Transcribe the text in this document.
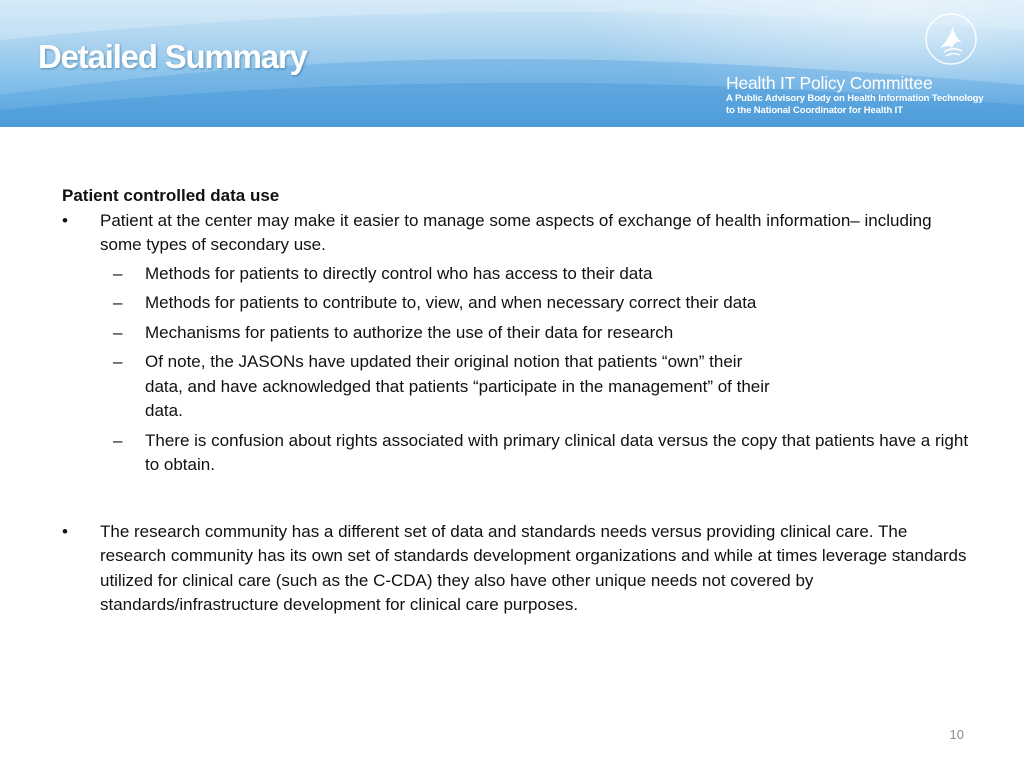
Detailed Summary
Health IT Policy Committee
A Public Advisory Body on Health Information Technology
to the National Coordinator for Health IT
Patient controlled data use
•	Patient at the center may make it easier to manage some aspects of exchange of health information– including some types of secondary use.
– Methods for patients to directly control who has access to their data
– Methods for patients to contribute to, view, and when necessary correct their data
– Mechanisms for patients to authorize the use of their data for research
– Of note, the JASONs have updated their original notion that patients “own” their data, and have acknowledged that patients “participate in the management” of their data.
– There is confusion about rights associated with primary clinical data versus the copy that patients have a right to obtain.
•	The research community has a different set of data and standards needs versus providing clinical care. The research community has its own set of standards development organizations and while at times leverage standards utilized for clinical care (such as the C-CDA) they also have other unique needs not covered by standards/infrastructure development for clinical care purposes.
10
